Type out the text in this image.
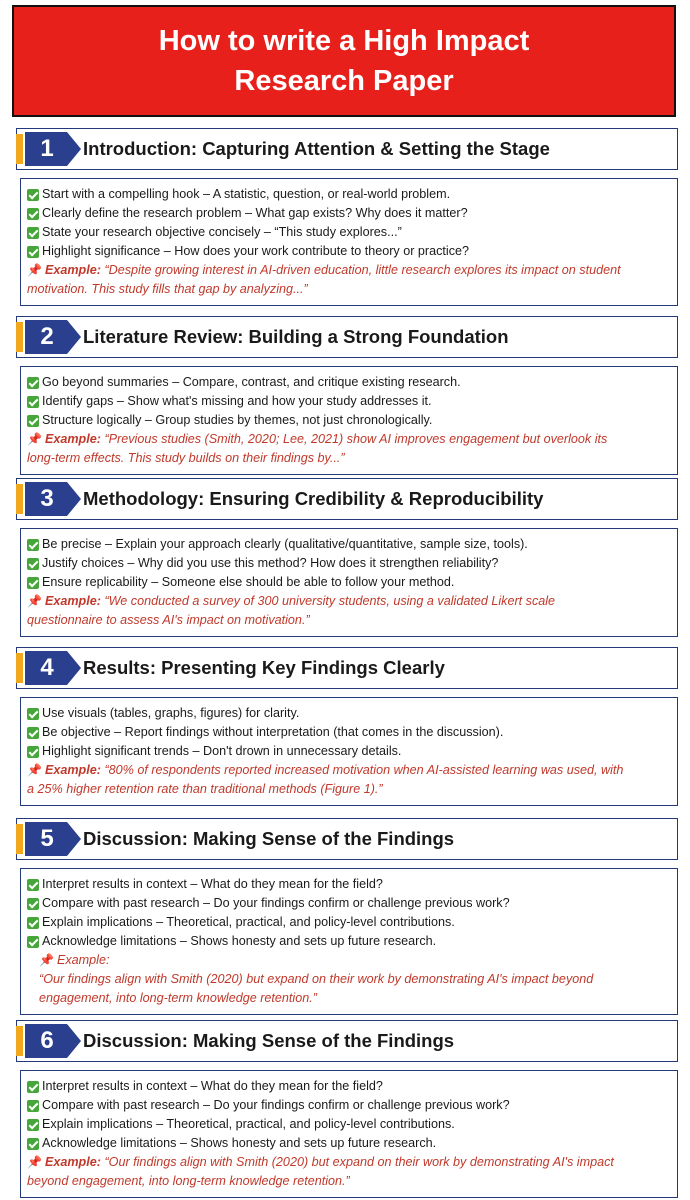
How to write a High Impact
Research Paper
1	Introduction: Capturing Attention & Setting the Stage
Start with a compelling hook – A statistic, question, or real-world problem.
Clearly define the research problem – What gap exists? Why does it matter?
State your research objective concisely – “This study explores...”
Highlight significance – How does your work contribute to theory or practice?
📌 Example: “Despite growing interest in AI-driven education, little research explores its impact on student
motivation. This study fills that gap by analyzing...”
2	Literature Review: Building a Strong Foundation
Go beyond summaries – Compare, contrast, and critique existing research.
Identify gaps – Show what's missing and how your study addresses it.
Structure logically – Group studies by themes, not just chronologically.
📌 Example: “Previous studies (Smith, 2020; Lee, 2021) show AI improves engagement but overlook its
long-term effects. This study builds on their findings by...”
3	Methodology: Ensuring Credibility & Reproducibility
Be precise – Explain your approach clearly (qualitative/quantitative, sample size, tools).
Justify choices – Why did you use this method? How does it strengthen reliability?
Ensure replicability – Someone else should be able to follow your method.
📌 Example: “We conducted a survey of 300 university students, using a validated Likert scale
questionnaire to assess AI's impact on motivation.”
4	Results: Presenting Key Findings Clearly
Use visuals (tables, graphs, figures) for clarity.
Be objective – Report findings without interpretation (that comes in the discussion).
Highlight significant trends – Don't drown in unnecessary details.
📌 Example: “80% of respondents reported increased motivation when AI-assisted learning was used, with
a 25% higher retention rate than traditional methods (Figure 1).”
5	Discussion: Making Sense of the Findings
Interpret results in context – What do they mean for the field?
Compare with past research – Do your findings confirm or challenge previous work?
Explain implications – Theoretical, practical, and policy-level contributions.
Acknowledge limitations – Shows honesty and sets up future research.
📌 Example:
“Our findings align with Smith (2020) but expand on their work by demonstrating AI's impact beyond
engagement, into long-term knowledge retention.”
6	Discussion: Making Sense of the Findings
Interpret results in context – What do they mean for the field?
Compare with past research – Do your findings confirm or challenge previous work?
Explain implications – Theoretical, practical, and policy-level contributions.
Acknowledge limitations – Shows honesty and sets up future research.
📌 Example: “Our findings align with Smith (2020) but expand on their work by demonstrating AI's impact
beyond engagement, into long-term knowledge retention.”
